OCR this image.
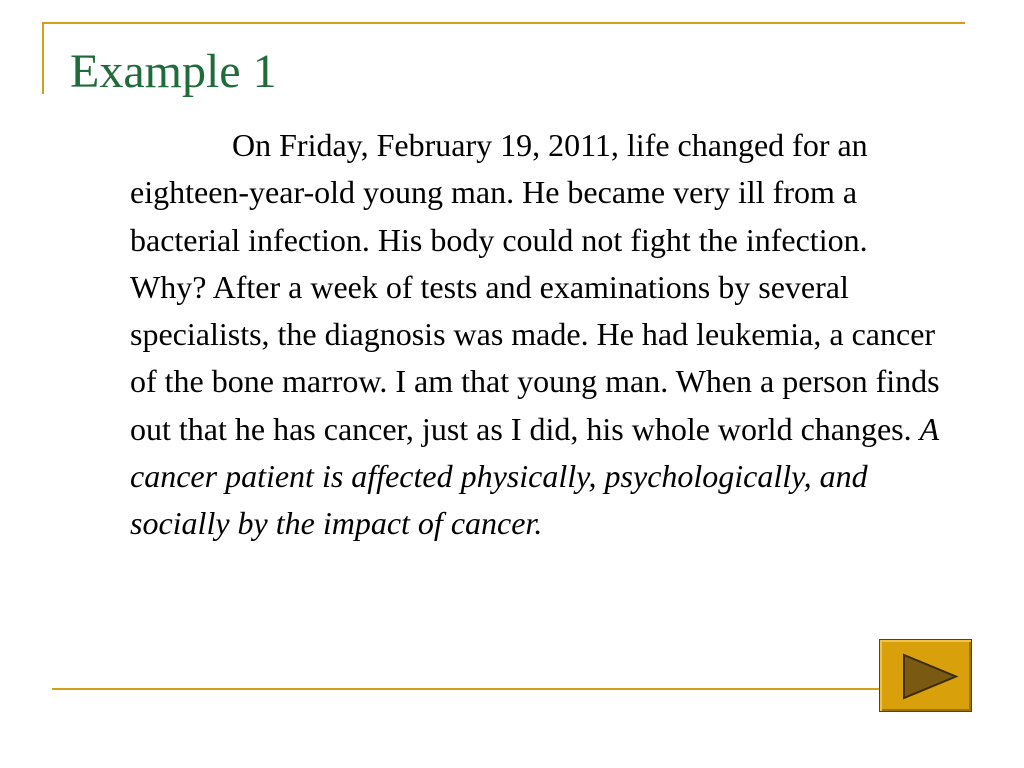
Example 1

On Friday, February 19, 2011, life changed for an eighteen-year-old young man. He became very ill from a bacterial infection. His body could not fight the infection. Why? After a week of tests and examinations by several specialists, the diagnosis was made. He had leukemia, a cancer of the bone marrow. I am that young man. When a person finds out that he has cancer, just as I did, his whole world changes. A cancer patient is affected physically, psychologically, and socially by the impact of cancer.
